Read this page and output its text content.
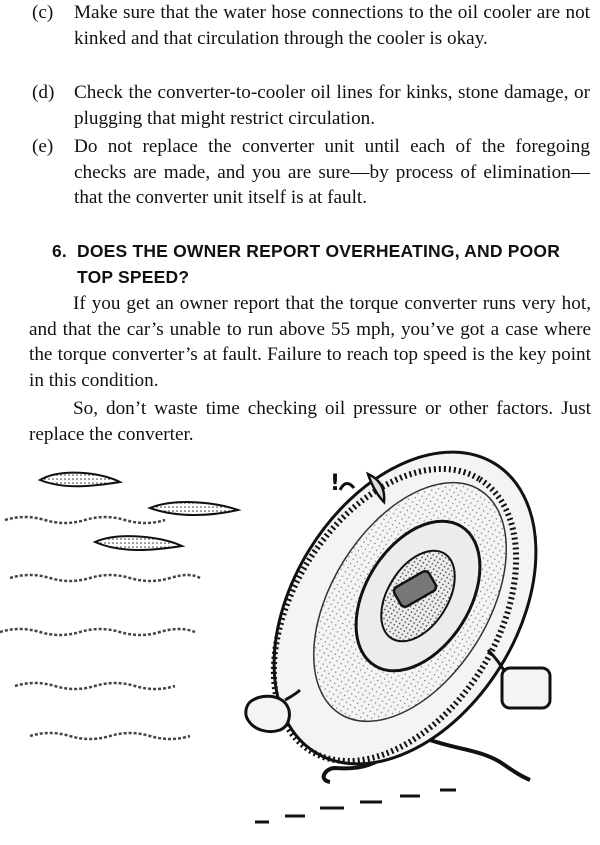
(c) Make sure that the water hose connections to the oil cooler are not kinked and that circulation through the cooler is okay.
(d) Check the converter-to-cooler oil lines for kinks, stone damage, or plugging that might restrict circulation.
(e) Do not replace the converter unit until each of the foregoing checks are made, and you are sure—by process of elimination—that the converter unit itself is at fault.
6. DOES THE OWNER REPORT OVERHEATING, AND POOR TOP SPEED?
If you get an owner report that the torque converter runs very hot, and that the car’s unable to run above 55 mph, you’ve got a case where the torque converter’s at fault. Failure to reach top speed is the key point in this condition.
So, don’t waste time checking oil pressure or other factors. Just replace the converter.
!
